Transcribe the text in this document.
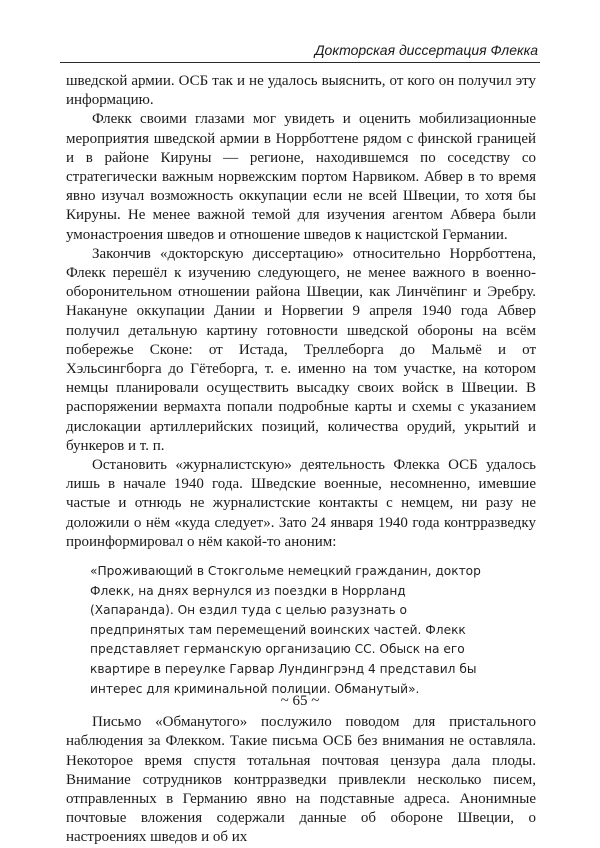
Докторская диссертация Флекка

шведской армии. ОСБ так и не удалось выяснить, от кого он получил эту информацию.

Флекк своими глазами мог увидеть и оценить мобилизационные мероприятия шведской армии в Норрботтене рядом с финской границей и в районе Кируны — регионе, находившемся по соседству со стратегически важным норвежским портом Нарвиком. Абвер в то время явно изучал возможность оккупации если не всей Швеции, то хотя бы Кируны. Не менее важной темой для изучения агентом Абвера были умонастроения шведов и отношение шведов к нацистской Германии.

Закончив «докторскую диссертацию» относительно Норрботтена, Флекк перешёл к изучению следующего, не менее важного в военно-оборонительном отношении района Швеции, как Линчёпинг и Эребру. Накануне оккупации Дании и Норвегии 9 апреля 1940 года Абвер получил детальную картину готовности шведской обороны на всём побережье Сконе: от Истада, Треллеборга до Мальмё и от Хэльсингборга до Гётеборга, т. е. именно на том участке, на котором немцы планировали осуществить высадку своих войск в Швеции. В распоряжении вермахта попали подробные карты и схемы с указанием дислокации артиллерийских позиций, количества орудий, укрытий и бункеров и т. п.

Остановить «журналистскую» деятельность Флекка ОСБ удалось лишь в начале 1940 года. Шведские военные, несомненно, имевшие частые и отнюдь не журналистские контакты с немцем, ни разу не доложили о нём «куда следует». Зато 24 января 1940 года контрразведку проинформировал о нём какой-то аноним:

«Проживающий в Стокгольме немецкий гражданин, доктор Флекк, на днях вернулся из поездки в Норрланд (Хапаранда). Он ездил туда с целью разузнать о предпринятых там перемещений воинских частей. Флекк представляет германскую организацию СС. Обыск на его квартире в переулке Гарвар Лундингрэнд 4 представил бы интерес для криминальной полиции. Обманутый».

Письмо «Обманутого» послужило поводом для пристального наблюдения за Флекком. Такие письма ОСБ без внимания не оставляла. Некоторое время спустя тотальная почтовая цензура дала плоды. Внимание сотрудников контрразведки привлекли несколько писем, отправленных в Германию явно на подставные адреса. Анонимные почтовые вложения содержали данные об обороне Швеции, о настроениях шведов и об их

~ 65 ~
